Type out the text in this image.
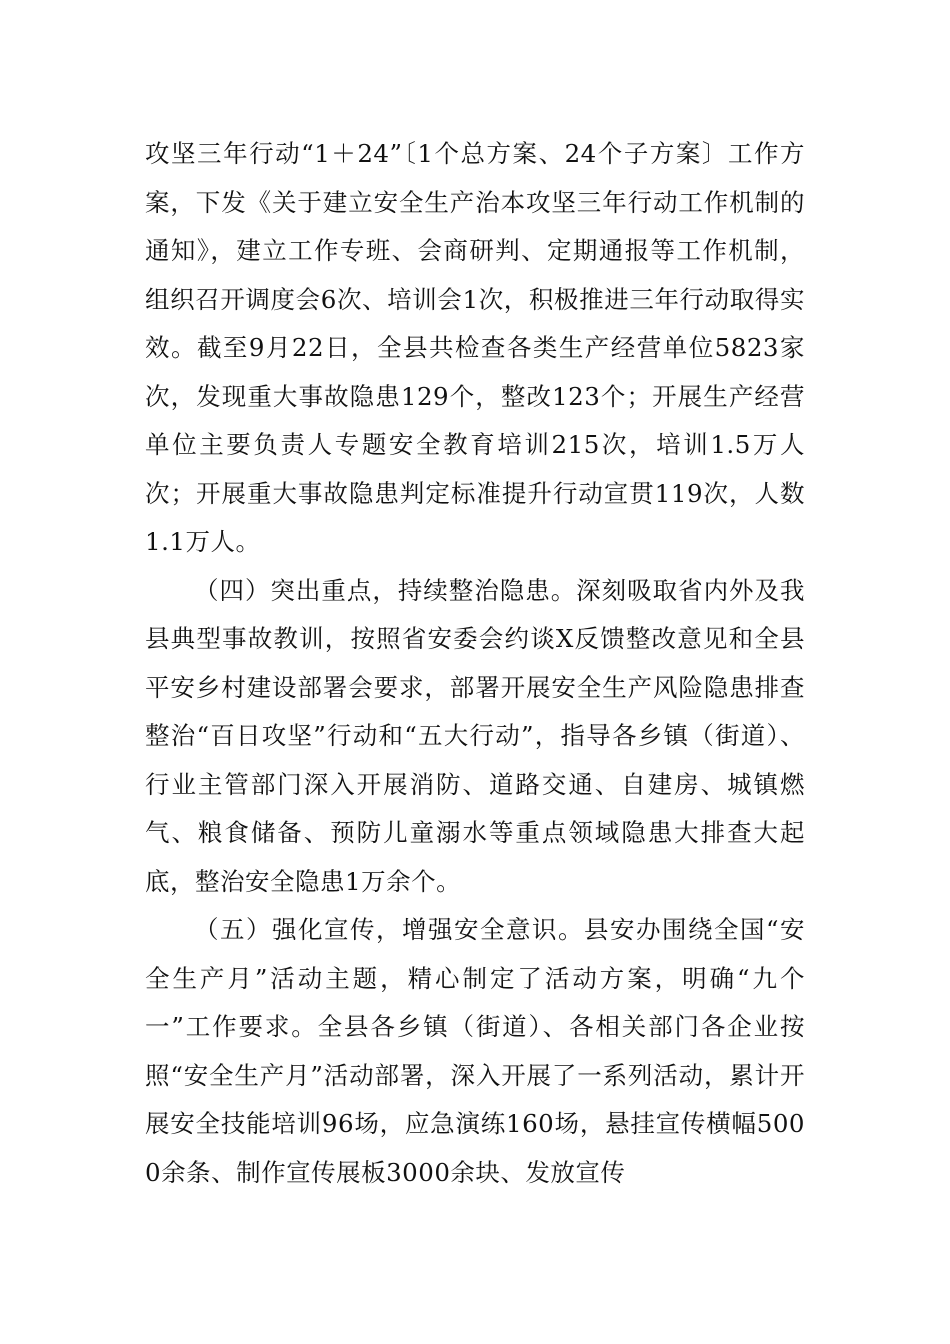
攻坚三年行动“1＋24”〔1个总方案、24个子方案〕工作方案，下发《关于建立安全生产治本攻坚三年行动工作机制的通知》，建立工作专班、会商研判、定期通报等工作机制，组织召开调度会6次、培训会1次，积极推进三年行动取得实效。截至9月22日，全县共检查各类生产经营单位5823家次，发现重大事故隐患129个，整改123个；开展生产经营单位主要负责人专题安全教育培训215次，培训1.5万人次；开展重大事故隐患判定标准提升行动宣贯119次，人数1.1万人。

（四）突出重点，持续整治隐患。深刻吸取省内外及我县典型事故教训，按照省安委会约谈X反馈整改意见和全县平安乡村建设部署会要求，部署开展安全生产风险隐患排查整治“百日攻坚”行动和“五大行动”，指导各乡镇（街道）、行业主管部门深入开展消防、道路交通、自建房、城镇燃气、粮食储备、预防儿童溺水等重点领域隐患大排查大起底，整治安全隐患1万余个。

（五）强化宣传，增强安全意识。县安办围绕全国“安全生产月”活动主题，精心制定了活动方案，明确“九个一”工作要求。全县各乡镇（街道）、各相关部门各企业按照“安全生产月”活动部署，深入开展了一系列活动，累计开展安全技能培训96场，应急演练160场，悬挂宣传横幅5000余条、制作宣传展板3000余块、发放宣传
